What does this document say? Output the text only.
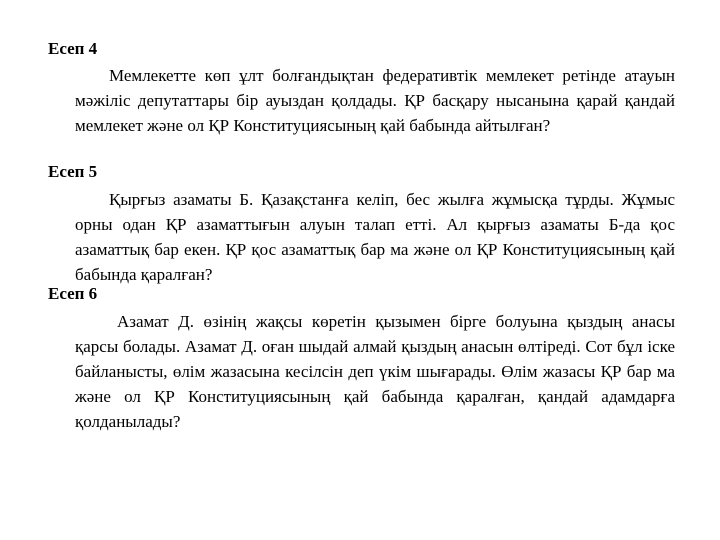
Есеп 4

Мемлекетте көп ұлт болғандықтан федеративтік мемлекет ретінде атауын мәжіліс депутаттары бір ауыздан қолдады. ҚР басқару нысанына қарай қандай мемлекет және ол ҚР Конституциясының қай бабында айтылған?

Есеп 5

Қырғыз азаматы Б. Қазақстанға келіп, бес жылға жұмысқа тұрды. Жұмыс орны одан ҚР азаматтығын алуын талап етті. Ал қырғыз азаматы Б-да қос азаматтық бар екен. ҚР қос азаматтық бар ма және ол ҚР Конституциясының қай бабында қаралған?

Есеп 6

Азамат Д. өзінің жақсы көретін қызымен бірге болуына қыздың анасы қарсы болады. Азамат Д. оған шыдай алмай қыздың анасын өлтіреді. Сот бұл іске байланысты, өлім жазасына кесілсін деп үкім шығарады. Өлім жазасы ҚР бар ма және ол ҚР Конституциясының қай бабында қаралған, қандай адамдарға қолданылады?
